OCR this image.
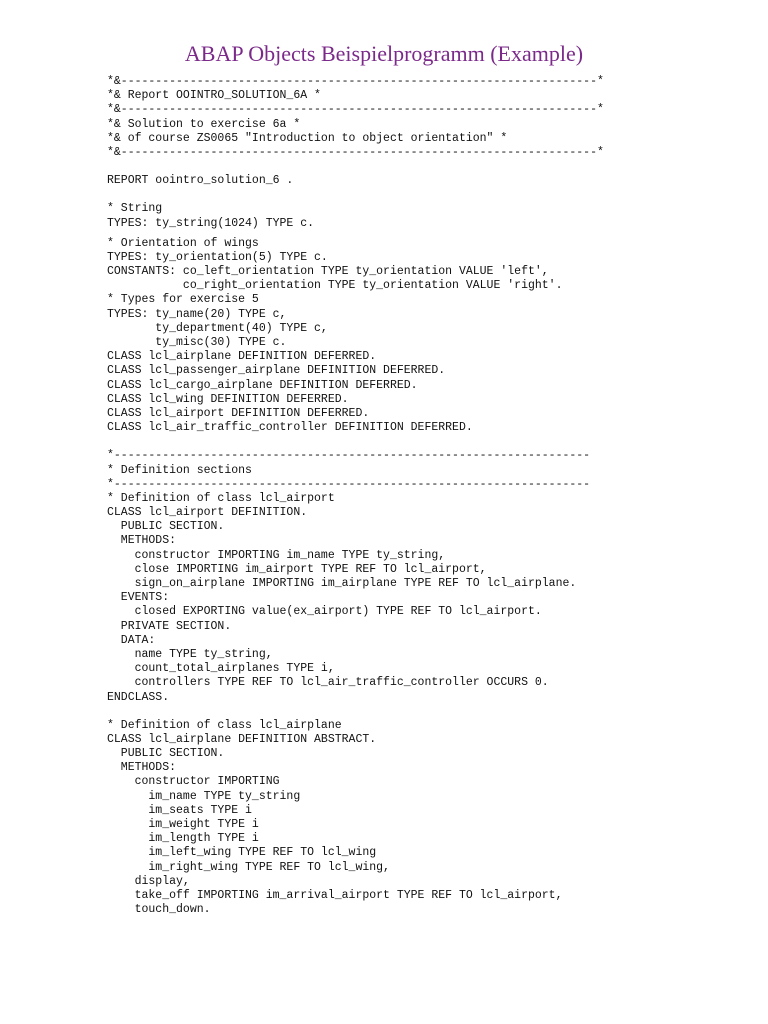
ABAP Objects Beispielprogramm (Example)
*&---------------------------------------------------------------------*
*& Report OOINTRO_SOLUTION_6A *
*&---------------------------------------------------------------------*
*& Solution to exercise 6a *
*& of course ZS0065 "Introduction to object orientation" *
*&---------------------------------------------------------------------*
REPORT oointro_solution_6 .
* String
TYPES: ty_string(1024) TYPE c.
* Orientation of wings
TYPES: ty_orientation(5) TYPE c.
CONSTANTS: co_left_orientation TYPE ty_orientation VALUE 'left',
co_right_orientation TYPE ty_orientation VALUE 'right'.
* Types for exercise 5
TYPES: ty_name(20) TYPE c,
ty_department(40) TYPE c,
ty_misc(30) TYPE c.
CLASS lcl_airplane DEFINITION DEFERRED.
CLASS lcl_passenger_airplane DEFINITION DEFERRED.
CLASS lcl_cargo_airplane DEFINITION DEFERRED.
CLASS lcl_wing DEFINITION DEFERRED.
CLASS lcl_airport DEFINITION DEFERRED.
CLASS lcl_air_traffic_controller DEFINITION DEFERRED.
*---------------------------------------------------------------------
* Definition sections
*---------------------------------------------------------------------
* Definition of class lcl_airport
CLASS lcl_airport DEFINITION.
PUBLIC SECTION.
METHODS:
constructor IMPORTING im_name TYPE ty_string,
close IMPORTING im_airport TYPE REF TO lcl_airport,
sign_on_airplane IMPORTING im_airplane TYPE REF TO lcl_airplane.
EVENTS:
closed EXPORTING value(ex_airport) TYPE REF TO lcl_airport.
PRIVATE SECTION.
DATA:
name TYPE ty_string,
count_total_airplanes TYPE i,
controllers TYPE REF TO lcl_air_traffic_controller OCCURS 0.
ENDCLASS.
* Definition of class lcl_airplane
CLASS lcl_airplane DEFINITION ABSTRACT.
PUBLIC SECTION.
METHODS:
constructor IMPORTING
im_name TYPE ty_string
im_seats TYPE i
im_weight TYPE i
im_length TYPE i
im_left_wing TYPE REF TO lcl_wing
im_right_wing TYPE REF TO lcl_wing,
display,
take_off IMPORTING im_arrival_airport TYPE REF TO lcl_airport,
touch_down.
